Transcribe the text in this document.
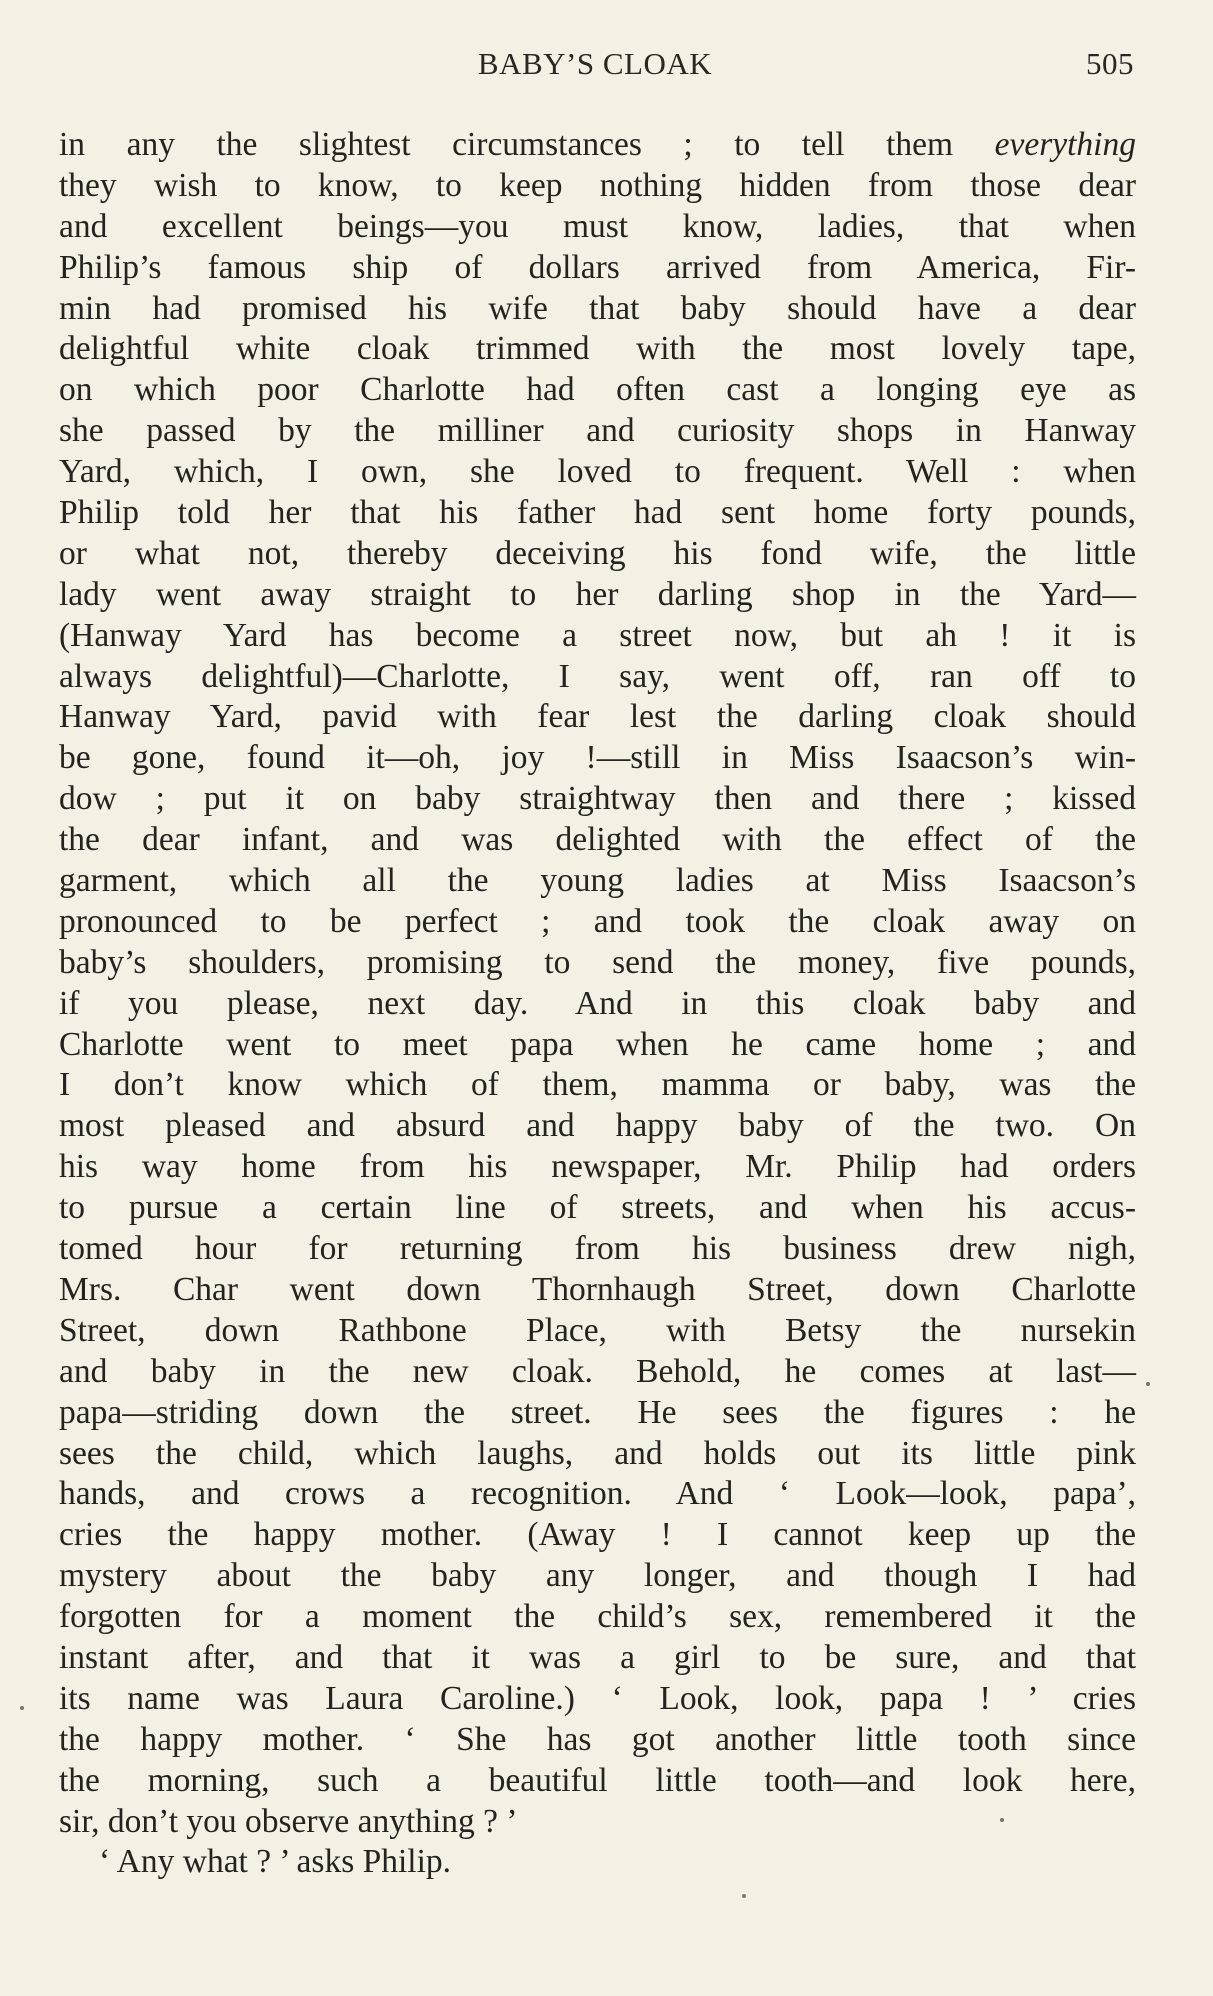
BABY’S CLOAK	505
in any the slightest circumstances ; to tell them everything
they wish to know, to keep nothing hidden from those dear
and excellent beings—you must know, ladies, that when
Philip’s famous ship of dollars arrived from America, Fir-
min had promised his wife that baby should have a dear
delightful white cloak trimmed with the most lovely tape,
on which poor Charlotte had often cast a longing eye as
she passed by the milliner and curiosity shops in Hanway
Yard, which, I own, she loved to frequent. Well : when
Philip told her that his father had sent home forty pounds,
or what not, thereby deceiving his fond wife, the little
lady went away straight to her darling shop in the Yard—
(Hanway Yard has become a street now, but ah ! it is
always delightful)—Charlotte, I say, went off, ran off to
Hanway Yard, pavid with fear lest the darling cloak should
be gone, found it—oh, joy !—still in Miss Isaacson’s win-
dow ; put it on baby straightway then and there ; kissed
the dear infant, and was delighted with the effect of the
garment, which all the young ladies at Miss Isaacson’s
pronounced to be perfect ; and took the cloak away on
baby’s shoulders, promising to send the money, five pounds,
if you please, next day. And in this cloak baby and
Charlotte went to meet papa when he came home ; and
I don’t know which of them, mamma or baby, was the
most pleased and absurd and happy baby of the two. On
his way home from his newspaper, Mr. Philip had orders
to pursue a certain line of streets, and when his accus-
tomed hour for returning from his business drew nigh,
Mrs. Char went down Thornhaugh Street, down Charlotte
Street, down Rathbone Place, with Betsy the nursekin
and baby in the new cloak. Behold, he comes at last—
papa—striding down the street. He sees the figures : he
sees the child, which laughs, and holds out its little pink
hands, and crows a recognition. And ‘ Look—look, papa’,
cries the happy mother. (Away ! I cannot keep up the
mystery about the baby any longer, and though I had
forgotten for a moment the child’s sex, remembered it the
instant after, and that it was a girl to be sure, and that
its name was Laura Caroline.) ‘ Look, look, papa ! ’ cries
the happy mother. ‘ She has got another little tooth since
the morning, such a beautiful little tooth—and look here,
sir, don’t you observe anything ? ’
‘ Any what ? ’ asks Philip.
